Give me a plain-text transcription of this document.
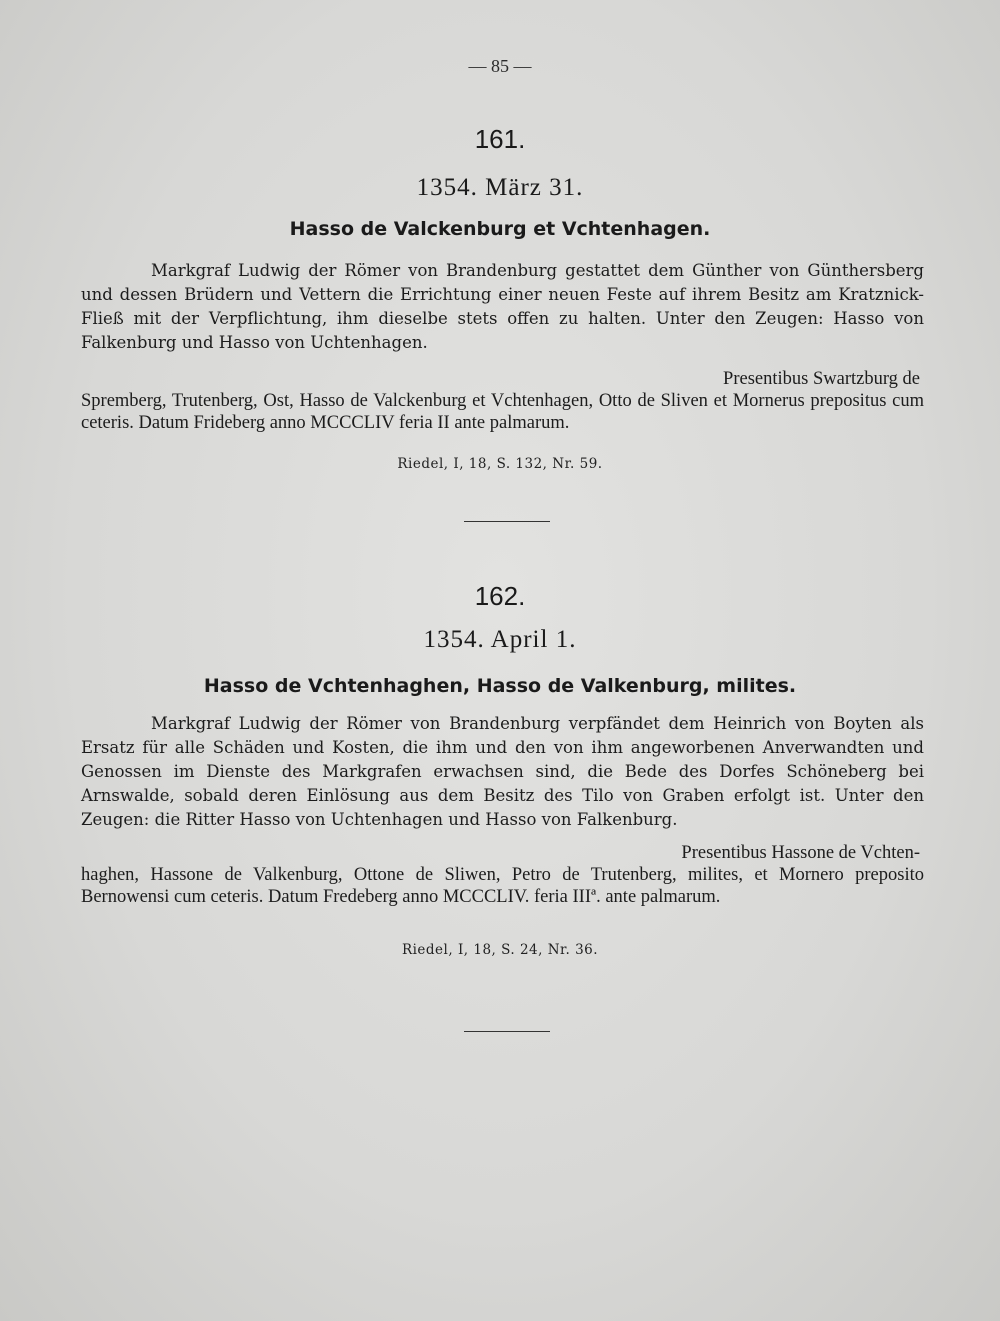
— 85 —
161.
1354. März 31.
Hasso de Valckenburg et Vchtenhagen.
Markgraf Ludwig der Römer von Brandenburg gestattet dem Günther von Günthersberg und dessen Brüdern und Vettern die Errichtung einer neuen Feste auf ihrem Besitz am Kratznick-Fließ mit der Verpflichtung, ihm dieselbe stets offen zu halten. Unter den Zeugen: Hasso von Falkenburg und Hasso von Uchtenhagen.
Presentibus Swartzburg de
Spremberg, Trutenberg, Ost, Hasso de Valckenburg et Vchtenhagen, Otto de Sliven et Mornerus prepositus cum ceteris. Datum Frideberg anno MCCCLIV feria II ante palmarum.
Riedel, I, 18, S. 132, Nr. 59.
162.
1354. April 1.
Hasso de Vchtenhaghen, Hasso de Valkenburg, milites.
Markgraf Ludwig der Römer von Brandenburg verpfändet dem Heinrich von Boyten als Ersatz für alle Schäden und Kosten, die ihm und den von ihm angeworbenen Anverwandten und Genossen im Dienste des Markgrafen erwachsen sind, die Bede des Dorfes Schöneberg bei Arnswalde, sobald deren Einlösung aus dem Besitz des Tilo von Graben erfolgt ist. Unter den Zeugen: die Ritter Hasso von Uchtenhagen und Hasso von Falkenburg.
Presentibus Hassone de Vchten-
haghen, Hassone de Valkenburg, Ottone de Sliwen, Petro de Trutenberg, milites, et Mornero preposito Bernowensi cum ceteris. Datum Fredeberg anno MCCCLIV. feria IIIª. ante palmarum.
Riedel, I, 18, S. 24, Nr. 36.
